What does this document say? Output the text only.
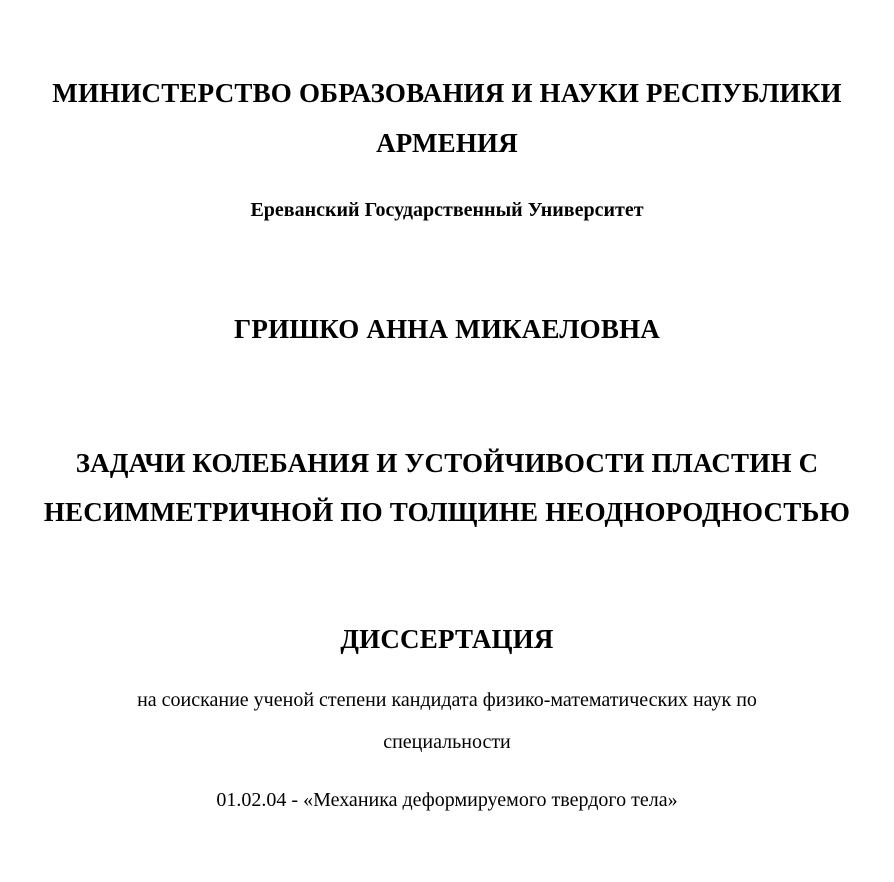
МИНИСТЕРСТВО ОБРАЗОВАНИЯ И НАУКИ РЕСПУБЛИКИ
АРМЕНИЯ
Ереванский Государственный Университет
ГРИШКО АННА МИКАЕЛОВНА
ЗАДАЧИ КОЛЕБАНИЯ И УСТОЙЧИВОСТИ ПЛАСТИН С
НЕСИММЕТРИЧНОЙ ПО ТОЛЩИНЕ НЕОДНОРОДНОСТЬЮ
ДИССЕРТАЦИЯ
на соискание ученой степени кандидата физико-математических наук по
специальности
01.02.04 - «Механика деформируемого твердого тела»
